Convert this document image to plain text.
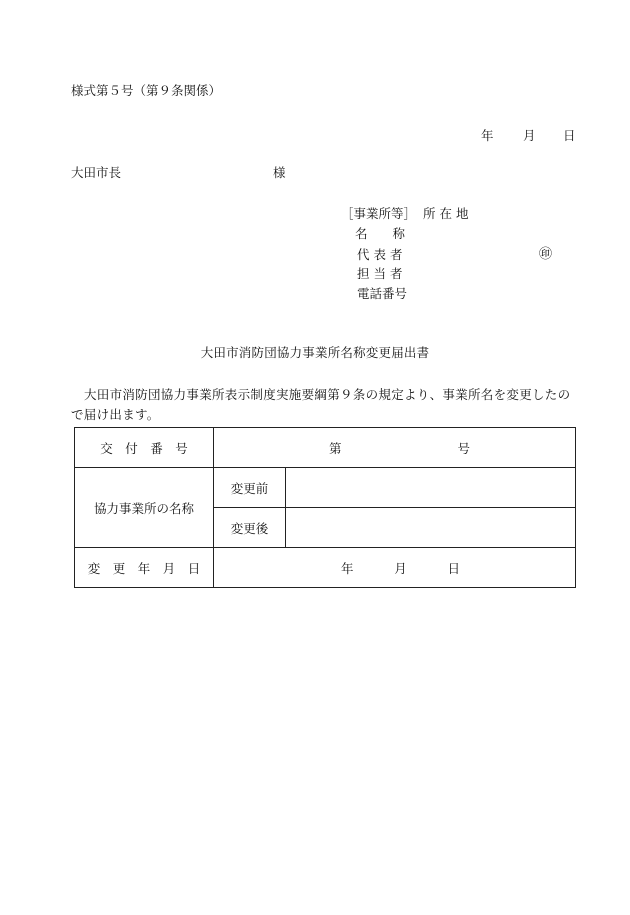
様式第５号（第９条関係）
年 月 日
大田市長	様
［事業所等］ 所 在 地
名　　称
代 表 者	㊞
担 当 者
電話番号
大田市消防団協力事業所名称変更届出書
大田市消防団協力事業所表示制度実施要綱第９条の規定より、事業所名を変更したので届け出ます。
交　付　番　号	第 号	

協力事業所の名称	変更前	
	変更後	
変　更　年　月　日	年 月 日	
